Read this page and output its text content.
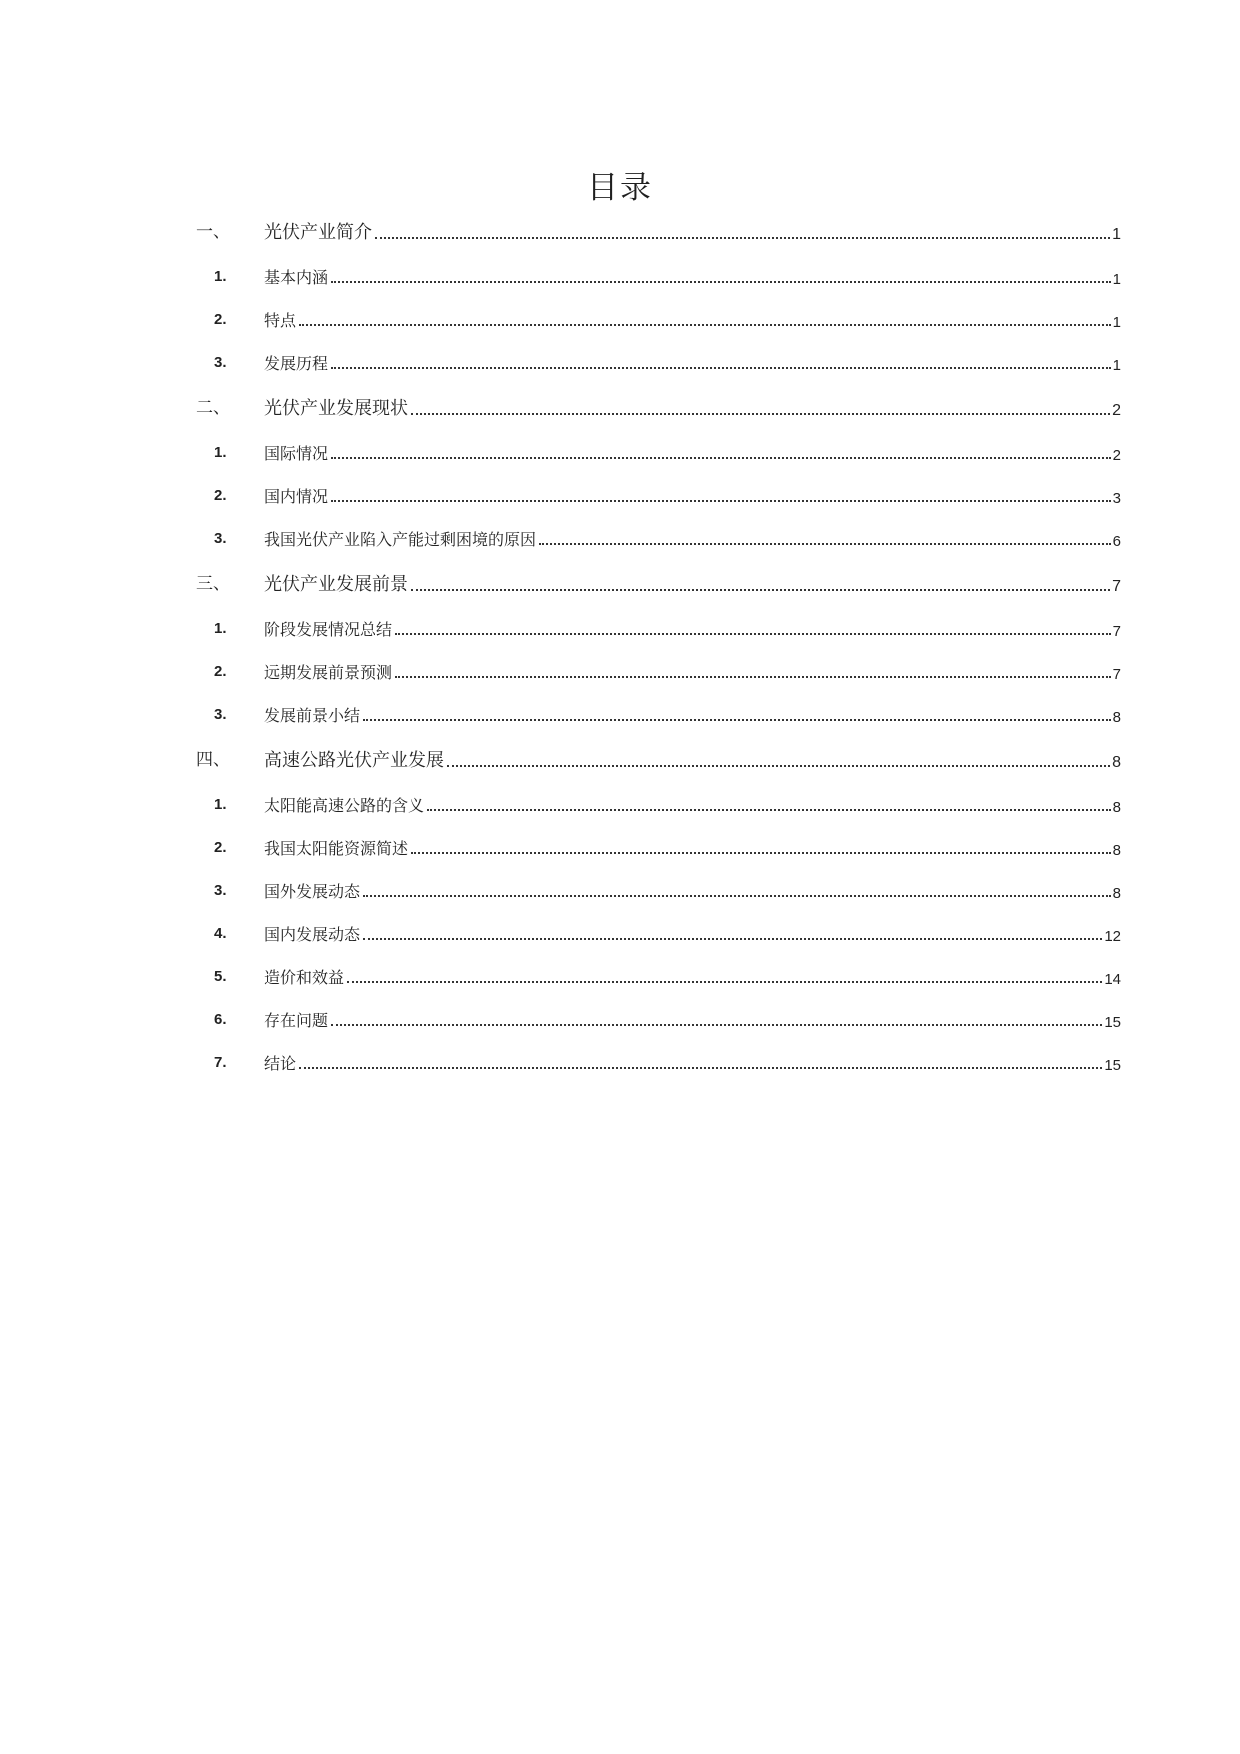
目录
一、 光伏产业简介	1
1. 基本内涵	1
2. 特点	1
3. 发展历程	1
二、 光伏产业发展现状	2
1. 国际情况	2
2. 国内情况	3
3. 我国光伏产业陷入产能过剩困境的原因	6
三、 光伏产业发展前景	7
1. 阶段发展情况总结	7
2. 远期发展前景预测	7
3. 发展前景小结	8
四、 高速公路光伏产业发展	8
1. 太阳能高速公路的含义	8
2. 我国太阳能资源简述	8
3. 国外发展动态	8
4. 国内发展动态	12
5. 造价和效益	14
6. 存在问题	15
7. 结论	15
